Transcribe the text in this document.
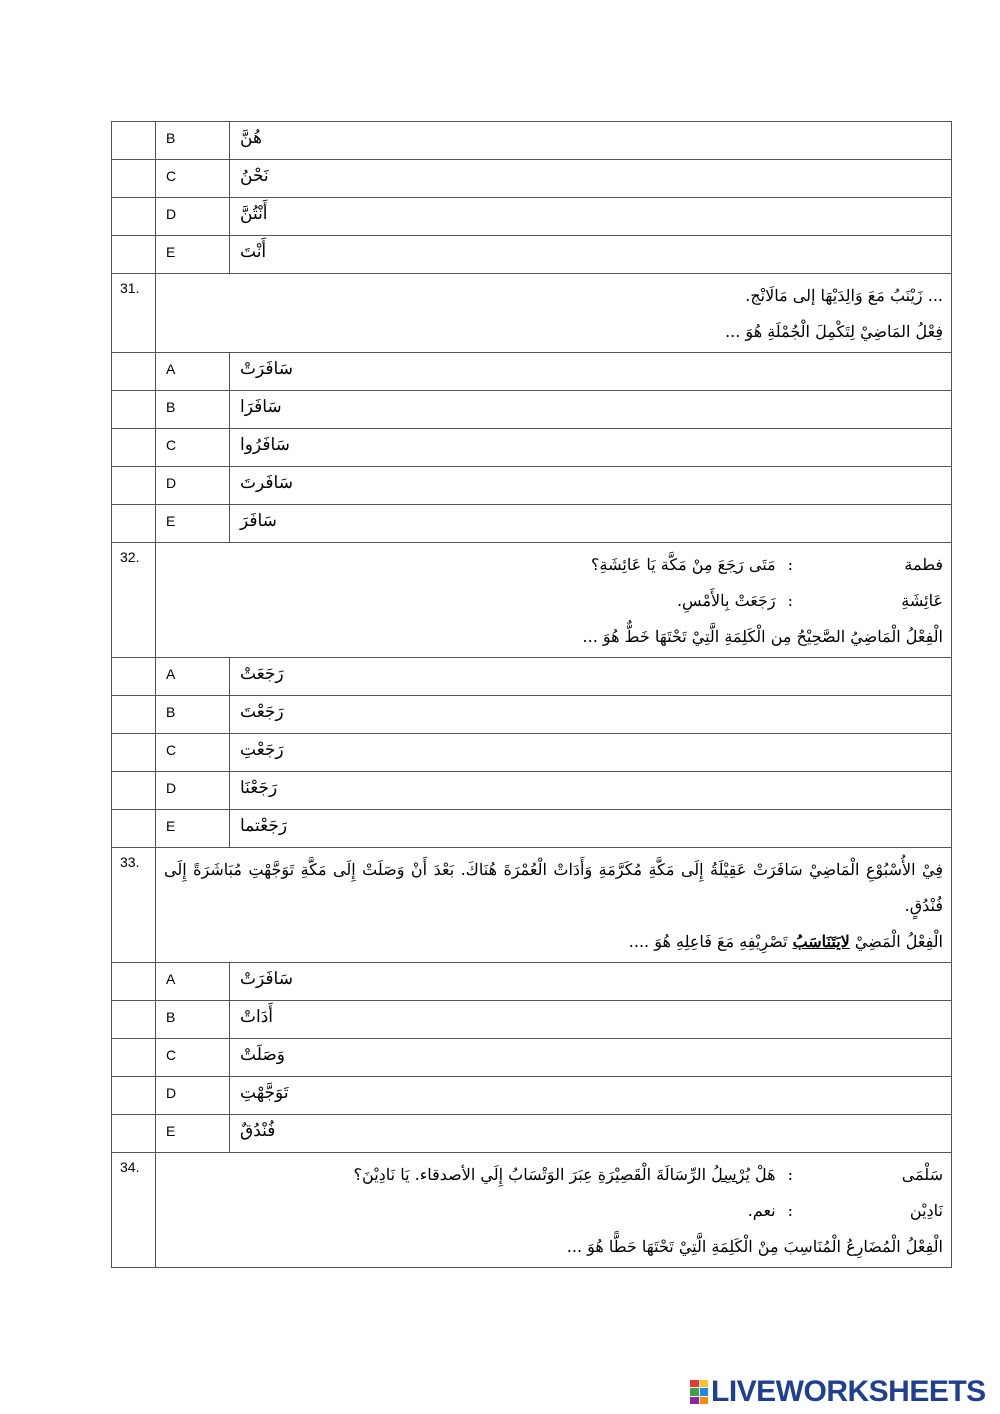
	B	هُنَّ
	C	نَحْنُ
	D	أَنْتُنَّ
	E	أَنْتَ
31.	... زَيْنَبُ مَعَ وَالِدَيْهَا إلى مَالَانْج.
فِعْلُ المَاضِيْ لِتَكْمِلَ الْجُمْلَةِ هُوَ ...	

	A	سَافَرَتْ
	B	سَافَرَا
	C	سَافَرُوا
	D	سَافَرتَ
	E	سَافَرَ
32.	فطمة:مَتَى رَجَعَ مِنْ مَكَّة يَا عَائِشَةِ؟
عَائِشَةِ:رَجَعَتْ بِالأَمْسِ.
الْفِعْلُ الْمَاضِيُ الصَّحِيْحُ مِن الْكَلِمَةِ الَّتِيْ تَحْتَهَا خَطٌّ هُوَ ...	

	A	رَجَعَتْ
	B	رَجَعْتَ
	C	رَجَعْتِ
	D	رَجَعْنَا
	E	رَجَعْتما
33.	فِيْ الأُسْبُوْعِ الْمَاضِيْ سَافَرَتْ عَقِيْلَةُ إِلَى مَكَّةِ مُكَرَّمَةِ وَأَدَاتْ الْعُمْرَةَ هُنَاكَ. بَعْدَ أَنْ وَصَلَتْ إِلَى مَكَّةِ تَوَجَّهْتِ مُبَاشَرَةً إِلَى فُنْدُقٍ.
الْفِعْلُ الْمَضِيْ لايَتَنَاسَبُ تَصْرِيْفِهِ مَعَ فَاعِلِهِ هُوَ ....	

	A	سَافَرَتْ
	B	أَدَاتْ
	C	وَصَلَتْ
	D	تَوَجَّهْتِ
	E	فُنْدُقٌ
34.	سَلْمَى:هَلْ يُرْسِلُ الرِّسَالَةَ الْقَصِيْرَةِ عِبَرَ الوَتْسَابُ إِلَي الأصدقاء. يَا نَادِيْنَ؟
نَادِيْن:نعم.
الْفِعْلُ الْمُضَارِعُ الْمُنَاسِبَ مِنْ الْكَلِمَةِ الَّتِيْ تَحْتَهَا حَطًّا هُوَ ...	
LIVEWORKSHEETS
